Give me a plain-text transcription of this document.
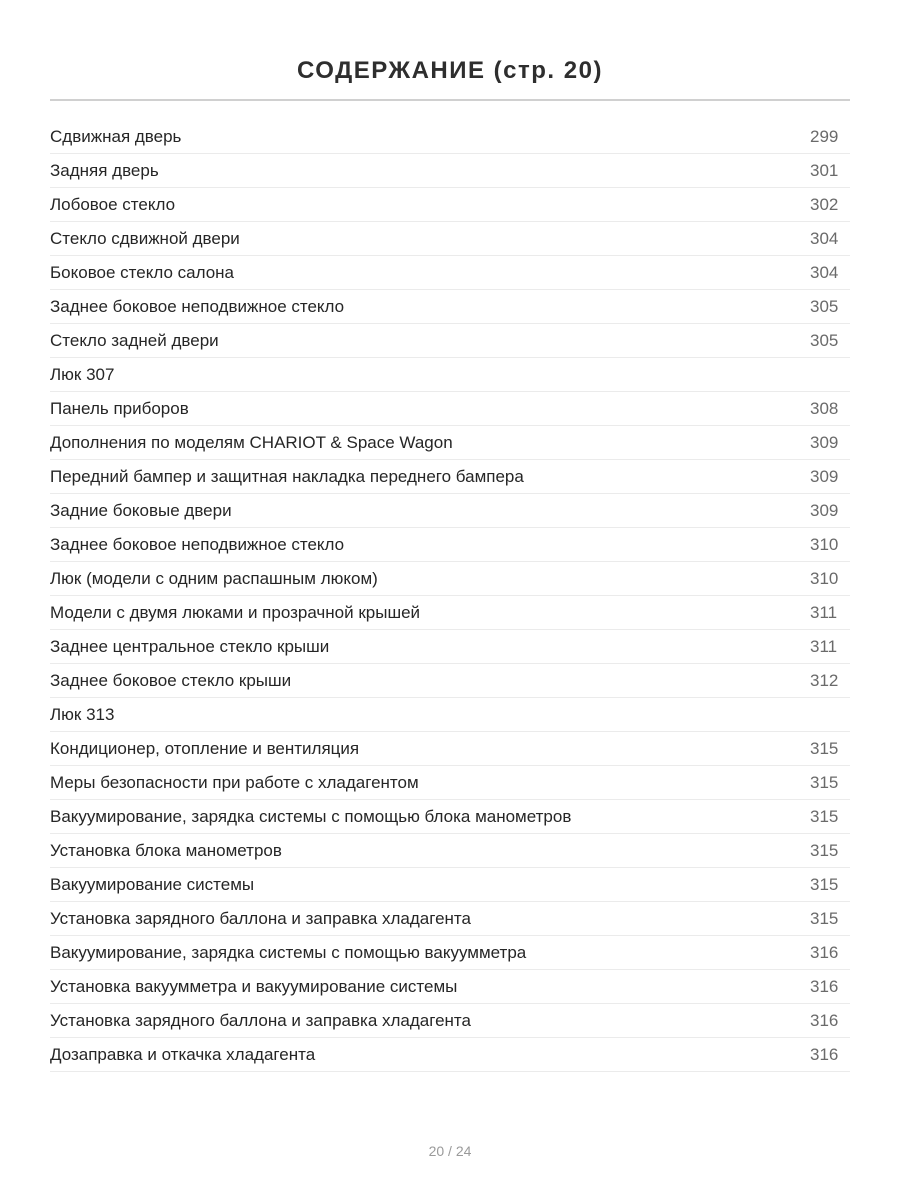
СОДЕРЖАНИЕ (стр. 20)
Сдвижная дверь	299
Задняя дверь	301
Лобовое стекло	302
Стекло сдвижной двери	304
Боковое стекло салона	304
Заднее боковое неподвижное стекло	305
Стекло задней двери	305
Люк 307
Панель приборов	308
Дополнения по моделям CHARIOT & Space Wagon	309
Передний бампер и защитная накладка переднего бампера	309
Задние боковые двери	309
Заднее боковое неподвижное стекло	310
Люк (модели с одним распашным люком)	310
Модели с двумя люками и прозрачной крышей	311
Заднее центральное стекло крыши	311
Заднее боковое стекло крыши	312
Люк 313
Кондиционер, отопление и вентиляция	315
Меры безопасности при работе с хладагентом	315
Вакуумирование, зарядка системы с помощью блока манометров	315
Установка блока манометров	315
Вакуумирование системы	315
Установка зарядного баллона и заправка хладагента	315
Вакуумирование, зарядка системы с помощью вакуумметра	316
Установка вакуумметра и вакуумирование системы	316
Установка зарядного баллона и заправка хладагента	316
Дозаправка и откачка хладагента	316
20 / 24
